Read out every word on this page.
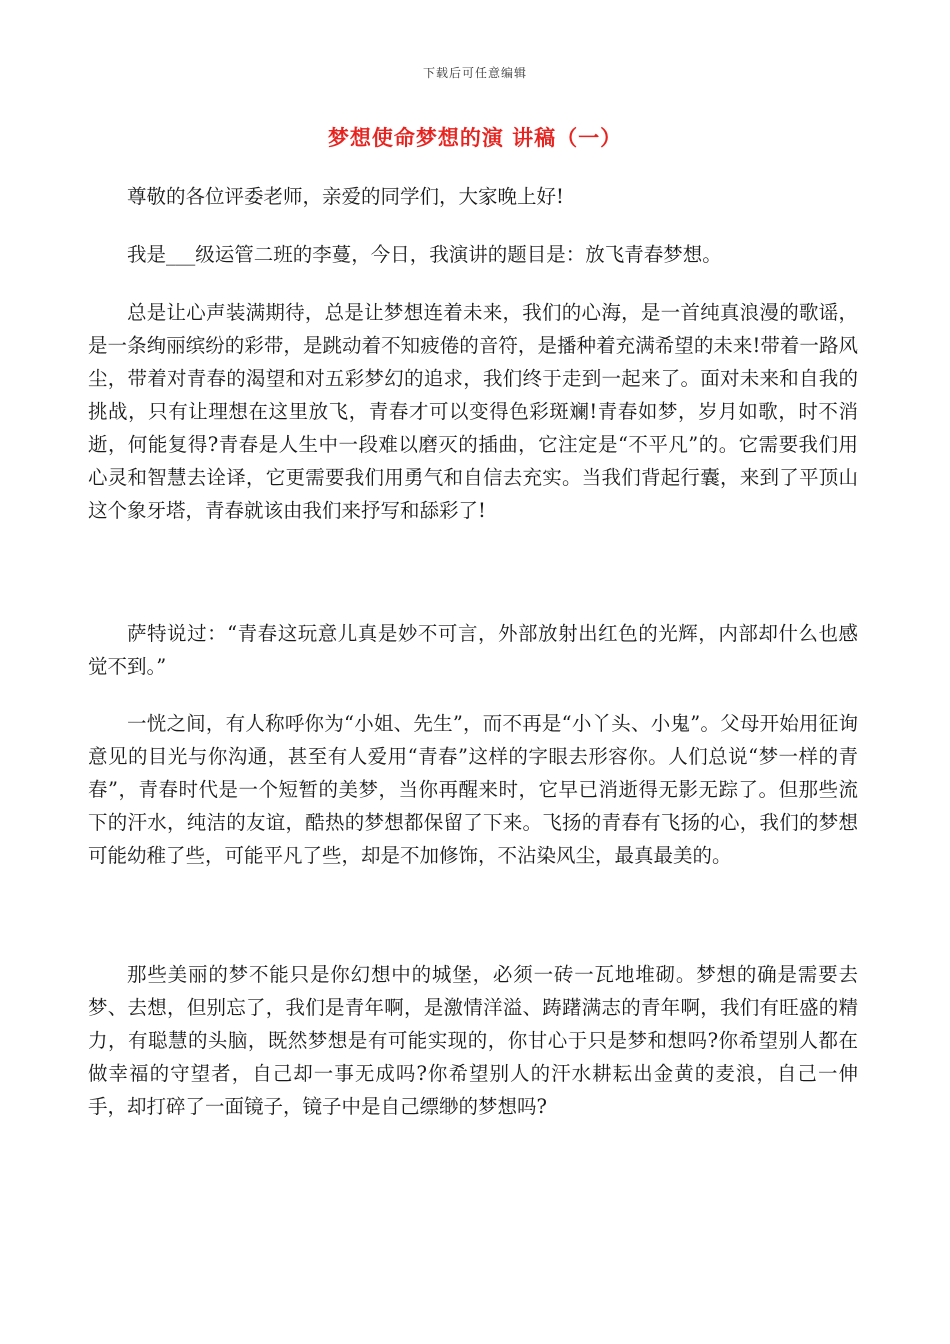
下载后可任意编辑
梦想使命梦想的演 讲稿（一）

尊敬的各位评委老师，亲爱的同学们，大家晚上好!

我是___级运管二班的李蔓，今日，我演讲的题目是：放飞青春梦想。

总是让心声装满期待，总是让梦想连着未来，我们的心海，是一首纯真浪漫的歌谣，是一条绚丽缤纷的彩带，是跳动着不知疲倦的音符，是播种着充满希望的未来!带着一路风尘，带着对青春的渴望和对五彩梦幻的追求，我们终于走到一起来了。面对未来和自我的挑战，只有让理想在这里放飞，青春才可以变得色彩斑斓!青春如梦，岁月如歌，时不消逝，何能复得?青春是人生中一段难以磨灭的插曲，它注定是“不平凡”的。它需要我们用心灵和智慧去诠译，它更需要我们用勇气和自信去充实。当我们背起行囊，来到了平顶山这个象牙塔，青春就该由我们来抒写和舔彩了!

萨特说过：“青春这玩意儿真是妙不可言，外部放射出红色的光辉，内部却什么也感觉不到。”

一恍之间，有人称呼你为“小姐、先生”，而不再是“小丫头、小鬼”。父母开始用征询意见的目光与你沟通，甚至有人爱用“青春”这样的字眼去形容你。人们总说“梦一样的青春”，青春时代是一个短暂的美梦，当你再醒来时，它早已消逝得无影无踪了。但那些流下的汗水，纯洁的友谊，酷热的梦想都保留了下来。飞扬的青春有飞扬的心，我们的梦想可能幼稚了些，可能平凡了些，却是不加修饰，不沾染风尘，最真最美的。

那些美丽的梦不能只是你幻想中的城堡，必须一砖一瓦地堆砌。梦想的确是需要去梦、去想，但别忘了，我们是青年啊，是激情洋溢、踌躇满志的青年啊，我们有旺盛的精力，有聪慧的头脑，既然梦想是有可能实现的，你甘心于只是梦和想吗?你希望别人都在做幸福的守望者，自己却一事无成吗?你希望别人的汗水耕耘出金黄的麦浪，自己一伸手，却打碎了一面镜子，镜子中是自己缥缈的梦想吗?
